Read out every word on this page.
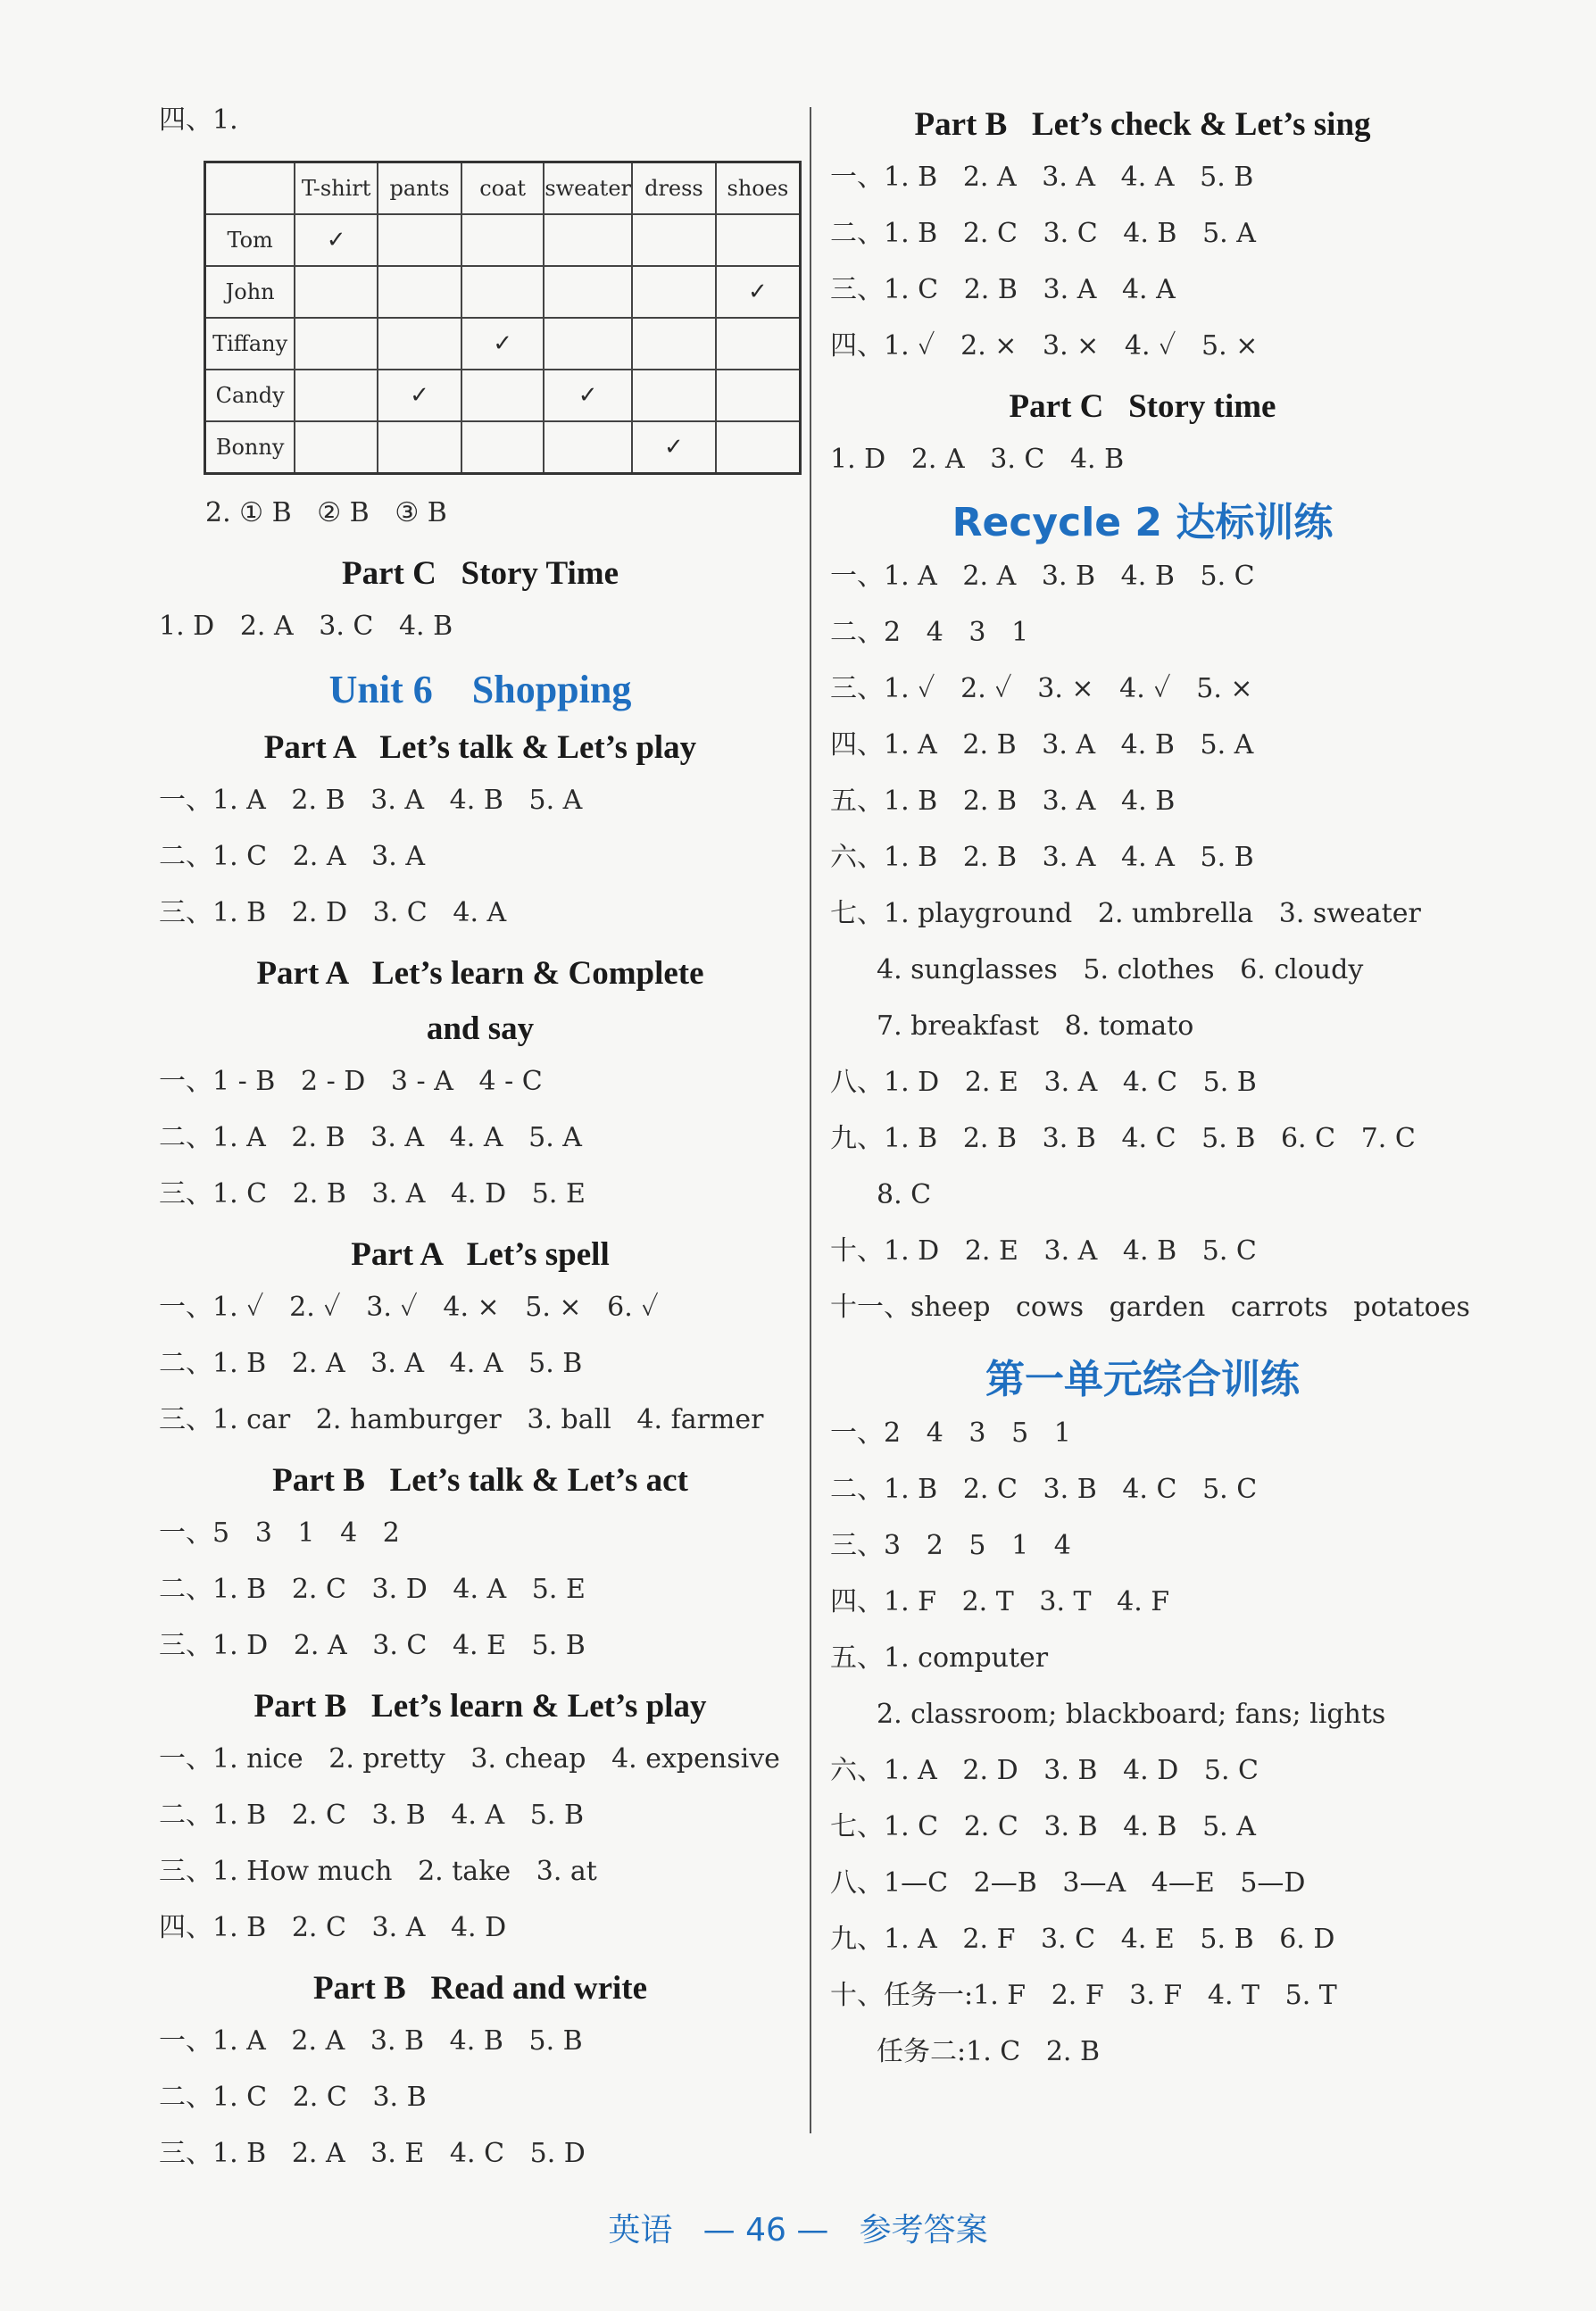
四、1.
	T-shirt	pants	coat	sweater	dress	shoes
Tom	✓					
John						✓
Tiffany			✓			
Candy		✓		✓		
Bonny					✓	
2. ① B   ② B   ③ B
Part C   Story Time
1. D   2. A   3. C   4. B
Unit 6    Shopping
Part A   Let’s talk & Let’s play
一、1. A   2. B   3. A   4. B   5. A
二、1. C   2. A   3. A
三、1. B   2. D   3. C   4. A
Part A   Let’s learn & Complete
and say
一、1 - B   2 - D   3 - A   4 - C
二、1. A   2. B   3. A   4. A   5. A
三、1. C   2. B   3. A   4. D   5. E
Part A   Let’s spell
一、1. ✓   2. ✓   3. ✓   4. ×   5. ×   6. ✓
二、1. B   2. A   3. A   4. A   5. B
三、1. car   2. hamburger   3. ball   4. farmer
Part B   Let’s talk & Let’s act
一、5   3   1   4   2
二、1. B   2. C   3. D   4. A   5. E
三、1. D   2. A   3. C   4. E   5. B
Part B   Let’s learn & Let’s play
一、1. nice   2. pretty   3. cheap   4. expensive
二、1. B   2. C   3. B   4. A   5. B
三、1. How much   2. take   3. at
四、1. B   2. C   3. A   4. D
Part B   Read and write
一、1. A   2. A   3. B   4. B   5. B
二、1. C   2. C   3. B
三、1. B   2. A   3. E   4. C   5. D
Part B   Let’s check & Let’s sing
一、1. B   2. A   3. A   4. A   5. B
二、1. B   2. C   3. C   4. B   5. A
三、1. C   2. B   3. A   4. A
四、1. ✓   2. ×   3. ×   4. ✓   5. ×
Part C   Story time
1. D   2. A   3. C   4. B
Recycle 2 达标训练
一、1. A   2. A   3. B   4. B   5. C
二、2   4   3   1
三、1. ✓   2. ✓   3. ×   4. ✓   5. ×
四、1. A   2. B   3. A   4. B   5. A
五、1. B   2. B   3. A   4. B
六、1. B   2. B   3. A   4. A   5. B
七、1. playground   2. umbrella   3. sweater
4. sunglasses   5. clothes   6. cloudy
7. breakfast   8. tomato
八、1. D   2. E   3. A   4. C   5. B
九、1. B   2. B   3. B   4. C   5. B   6. C   7. C
8. C
十、1. D   2. E   3. A   4. B   5. C
十一、sheep   cows   garden   carrots   potatoes
第一单元综合训练
一、2   4   3   5   1
二、1. B   2. C   3. B   4. C   5. C
三、3   2   5   1   4
四、1. F   2. T   3. T   4. F
五、1. computer
2. classroom; blackboard; fans; lights
六、1. A   2. D   3. B   4. D   5. C
七、1. C   2. C   3. B   4. B   5. A
八、1—C   2—B   3—A   4—E   5—D
九、1. A   2. F   3. C   4. E   5. B   6. D
十、任务一:1. F   2. F   3. F   4. T   5. T
任务二:1. C   2. B
英语   — 46 —   参考答案
